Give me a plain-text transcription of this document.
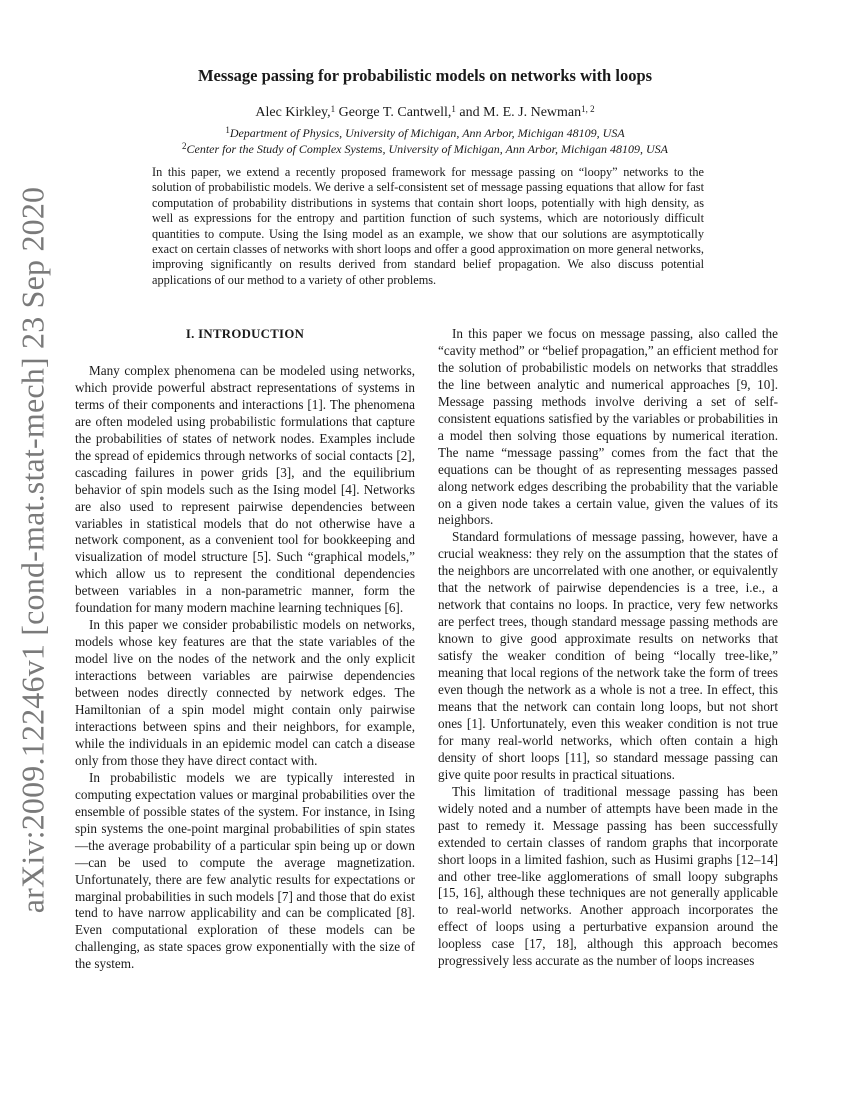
arXiv:2009.12246v1 [cond-mat.stat-mech] 23 Sep 2020
Message passing for probabilistic models on networks with loops
Alec Kirkley,$^1$ George T. Cantwell,$^1$ and M. E. J. Newman$^{1, 2}$
$^1$Department of Physics, University of Michigan, Ann Arbor, Michigan 48109, USA
$^2$Center for the Study of Complex Systems, University of Michigan, Ann Arbor, Michigan 48109, USA
In this paper, we extend a recently proposed framework for message passing on “loopy” networks to the solution of probabilistic models. We derive a self-consistent set of message passing equations that allow for fast computation of probability distributions in systems that contain short loops, potentially with high density, as well as expressions for the entropy and partition function of such systems, which are notoriously difficult quantities to compute. Using the Ising model as an example, we show that our solutions are asymptotically exact on certain classes of networks with short loops and offer a good approximation on more general networks, improving significantly on results derived from standard belief propagation. We also discuss potential applications of our method to a variety of other problems.
I. INTRODUCTION

Many complex phenomena can be modeled using networks, which provide powerful abstract representations of systems in terms of their components and interactions [1]. The phenomena are often modeled using probabilistic formulations that capture the probabilities of states of network nodes. Examples include the spread of epidemics through networks of social contacts [2], cascading failures in power grids [3], and the equilibrium behavior of spin models such as the Ising model [4]. Networks are also used to represent pairwise dependencies between variables in statistical models that do not otherwise have a network component, as a convenient tool for bookkeeping and visualization of model structure [5]. Such “graphical models,” which allow us to represent the conditional dependencies between variables in a non-parametric manner, form the foundation for many modern machine learning techniques [6].

In this paper we consider probabilistic models on networks, models whose key features are that the state variables of the model live on the nodes of the network and the only explicit interactions between variables are pairwise dependencies between nodes directly connected by network edges. The Hamiltonian of a spin model might contain only pairwise interactions between spins and their neighbors, for example, while the individuals in an epidemic model can catch a disease only from those they have direct contact with.

In probabilistic models we are typically interested in computing expectation values or marginal probabilities over the ensemble of possible states of the system. For instance, in Ising spin systems the one-point marginal probabilities of spin states—the average probability of a particular spin being up or down—can be used to compute the average magnetization. Unfortunately, there are few analytic results for expectations or marginal probabilities in such models [7] and those that do exist tend to have narrow applicability and can be complicated [8]. Even computational exploration of these models can be challenging, as state spaces grow exponentially with the size of the system.

In this paper we focus on message passing, also called the “cavity method” or “belief propagation,” an efficient method for the solution of probabilistic models on networks that straddles the line between analytic and numerical approaches [9, 10]. Message passing methods involve deriving a set of self-consistent equations satisfied by the variables or probabilities in a model then solving those equations by numerical iteration. The name “message passing” comes from the fact that the equations can be thought of as representing messages passed along network edges describing the probability that the variable on a given node takes a certain value, given the values of its neighbors.

Standard formulations of message passing, however, have a crucial weakness: they rely on the assumption that the states of the neighbors are uncorrelated with one another, or equivalently that the network of pairwise dependencies is a tree, i.e., a network that contains no loops. In practice, very few networks are perfect trees, though standard message passing methods are known to give good approximate results on networks that satisfy the weaker condition of being “locally tree-like,” meaning that local regions of the network take the form of trees even though the network as a whole is not a tree. In effect, this means that the network can contain long loops, but not short ones [1]. Unfortunately, even this weaker condition is not true for many real-world networks, which often contain a high density of short loops [11], so standard message passing can give quite poor results in practical situations.

This limitation of traditional message passing has been widely noted and a number of attempts have been made in the past to remedy it. Message passing has been successfully extended to certain classes of random graphs that incorporate short loops in a limited fashion, such as Husimi graphs [12–14] and other tree-like agglomerations of small loopy subgraphs [15, 16], although these techniques are not generally applicable to real-world networks. Another approach incorporates the effect of loops using a perturbative expansion around the loopless case [17, 18], although this approach becomes progressively less accurate as the number of loops increases
